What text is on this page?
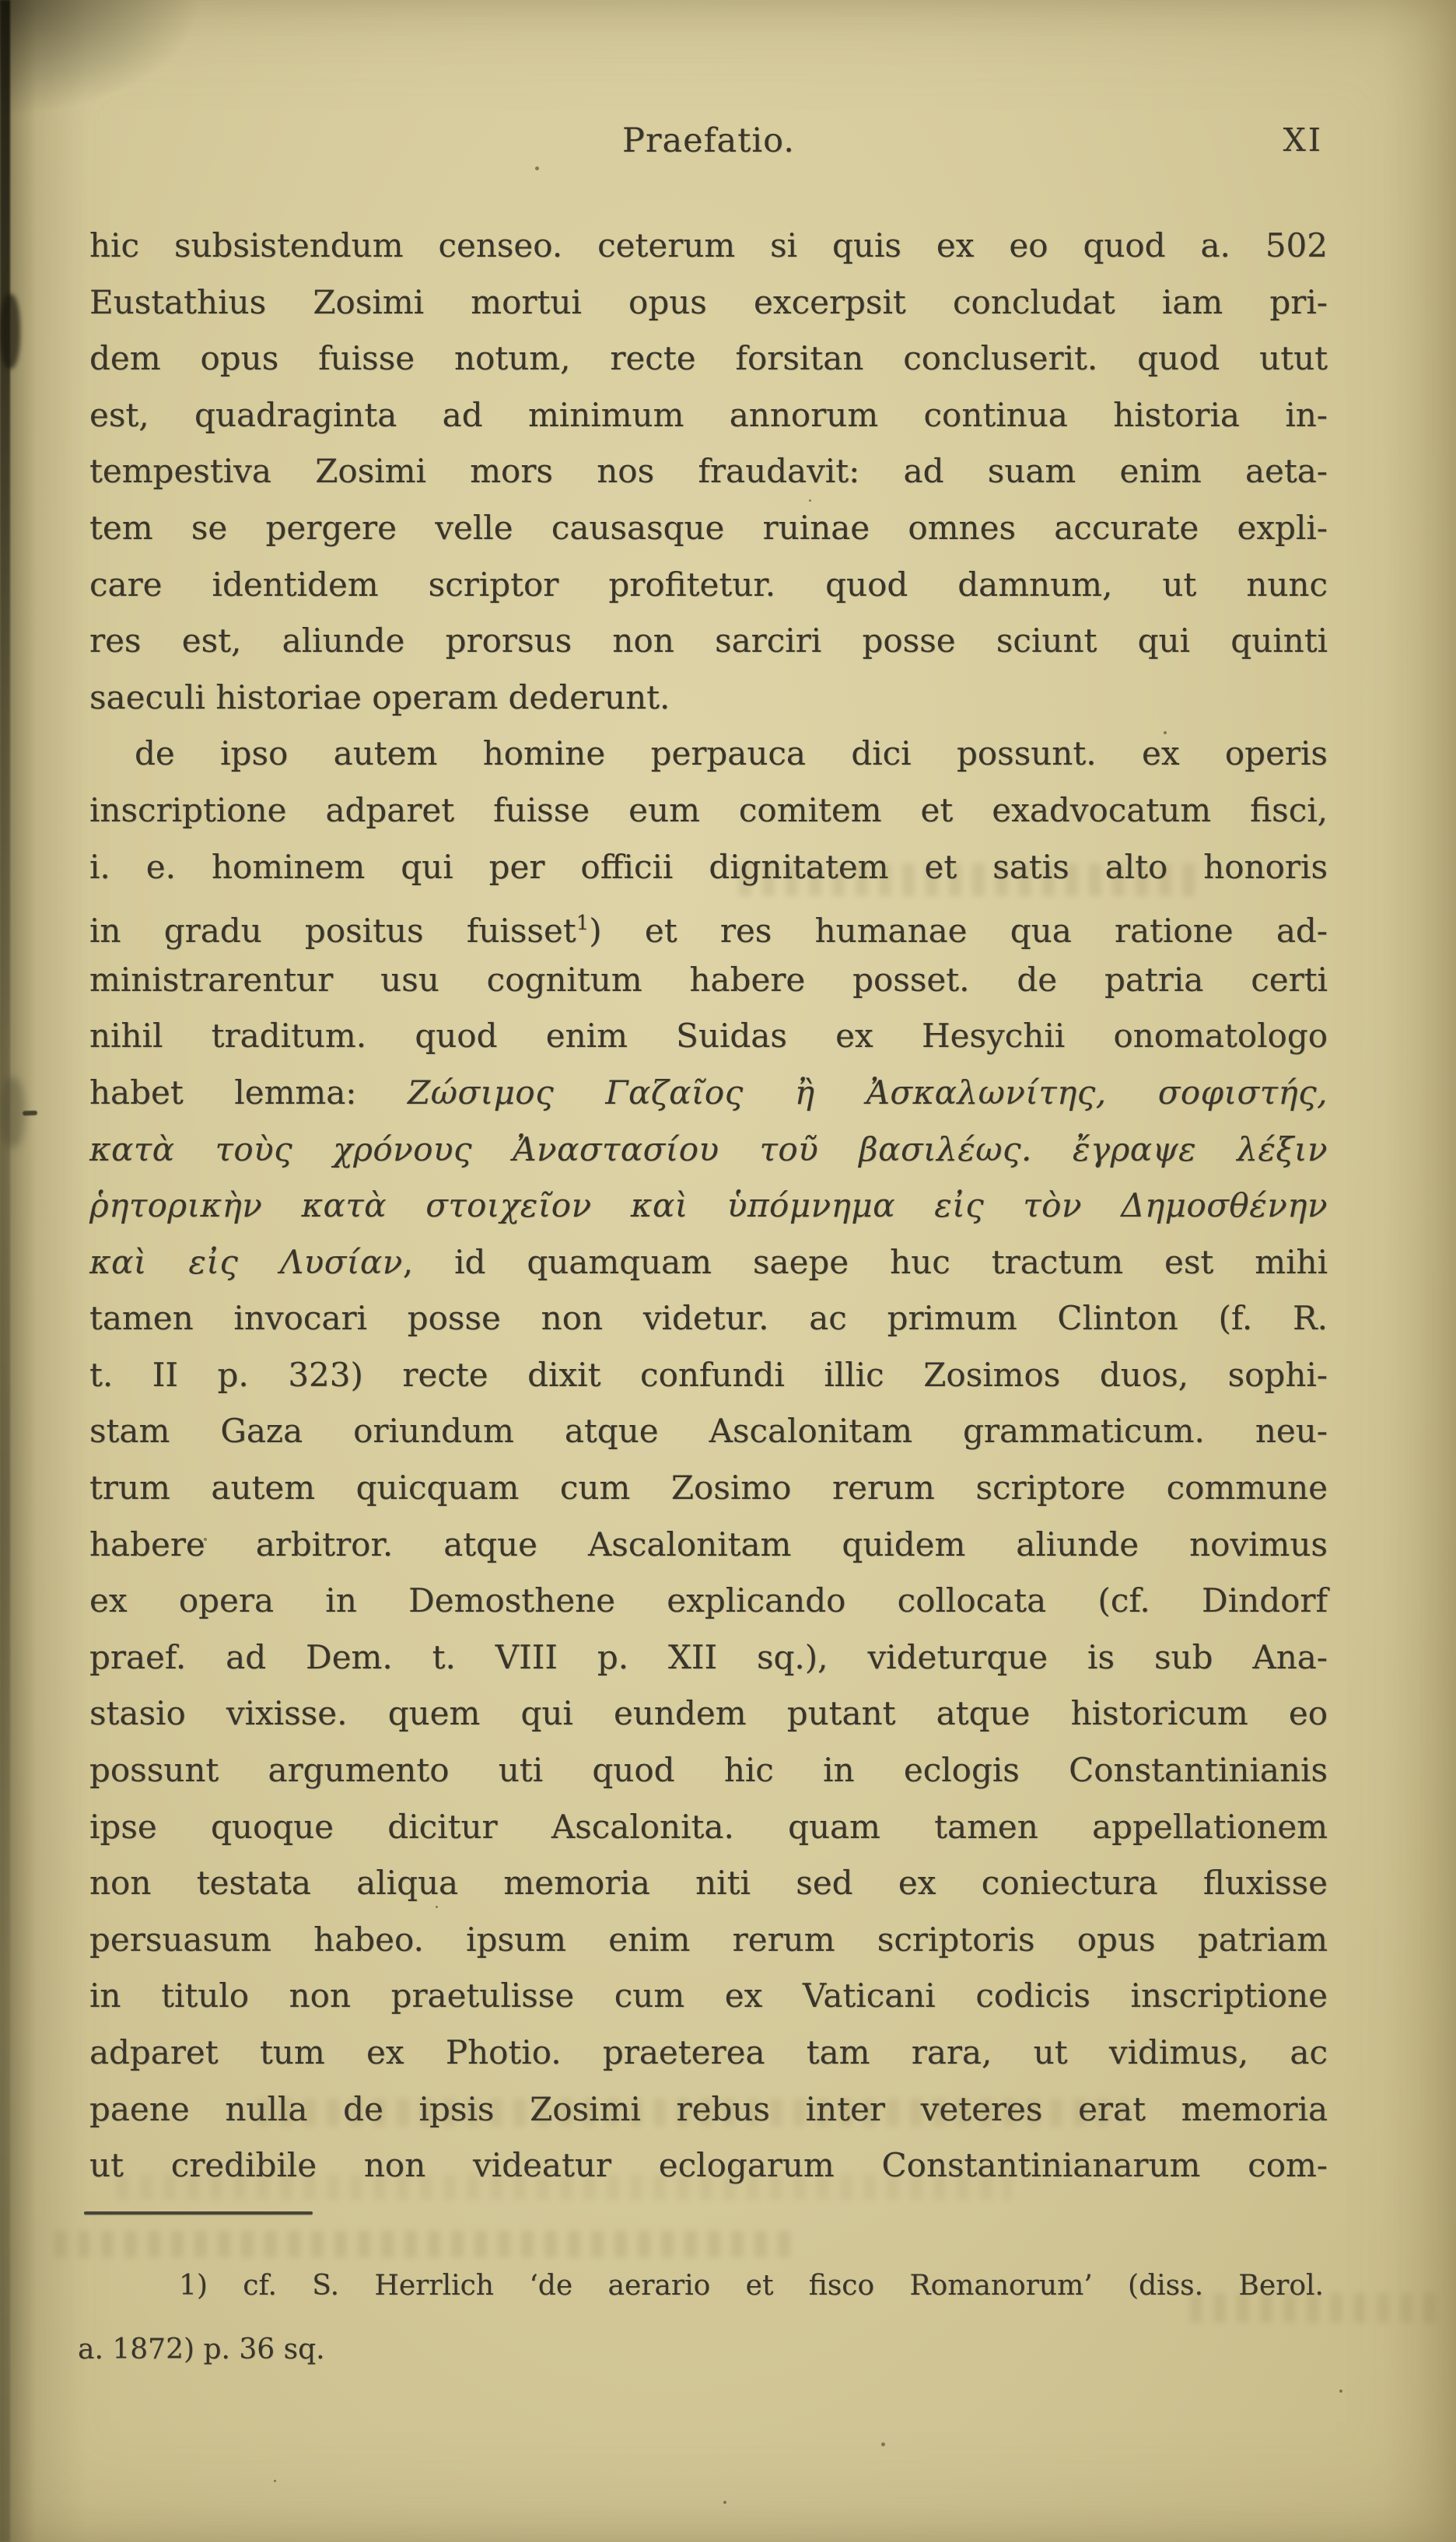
Praefatio.	XI
hic subsistendum censeo. ceterum si quis ex eo quod a. 502
Eustathius Zosimi mortui opus excerpsit concludat iam pri-
dem opus fuisse notum, recte forsitan concluserit. quod utut
est, quadraginta ad minimum annorum continua historia in-
tempestiva Zosimi mors nos fraudavit: ad suam enim aeta-
tem se pergere velle causasque ruinae omnes accurate expli-
care identidem scriptor profitetur. quod damnum, ut nunc
res est, aliunde prorsus non sarciri posse sciunt qui quinti
saeculi historiae operam dederunt.
de ipso autem homine perpauca dici possunt. ex operis
inscriptione adparet fuisse eum comitem et exadvocatum fisci,
i. e. hominem qui per officii dignitatem et satis alto honoris
in gradu positus fuisset$^1$) et res humanae qua ratione ad-
ministrarentur usu cognitum habere posset. de patria certi
nihil traditum. quod enim Suidas ex Hesychii onomatologo
habet lemma: Ζώσιμος Γαζαῖος ἢ Ἀσκαλωνίτης, σοφιστής,
κατὰ τοὺς χρόνους Ἀναστασίου τοῦ βασιλέως. ἔγραψε λέξιν
ῥητορικὴν κατὰ στοιχεῖον καὶ ὑπόμνημα εἰς τὸν Δημοσθένην
καὶ εἰς Λυσίαν, id quamquam saepe huc tractum est mihi
tamen invocari posse non videtur. ac primum Clinton (f. R.
t. II p. 323) recte dixit confundi illic Zosimos duos, sophi-
stam Gaza oriundum atque Ascalonitam grammaticum. neu-
trum autem quicquam cum Zosimo rerum scriptore commune
habere arbitror. atque Ascalonitam quidem aliunde novimus
ex opera in Demosthene explicando collocata (cf. Dindorf
praef. ad Dem. t. VIII p. XII sq.), videturque is sub Ana-
stasio vixisse. quem qui eundem putant atque historicum eo
possunt argumento uti quod hic in eclogis Constantinianis
ipse quoque dicitur Ascalonita. quam tamen appellationem
non testata aliqua memoria niti sed ex coniectura fluxisse
persuasum habeo. ipsum enim rerum scriptoris opus patriam
in titulo non praetulisse cum ex Vaticani codicis inscriptione
adparet tum ex Photio. praeterea tam rara, ut vidimus, ac
paene nulla de ipsis Zosimi rebus inter veteres erat memoria
ut credibile non videatur eclogarum Constantinianarum com-
1) cf. S. Herrlich ‘de aerario et fisco Romanorum’ (diss. Berol.
a. 1872) p. 36 sq.
